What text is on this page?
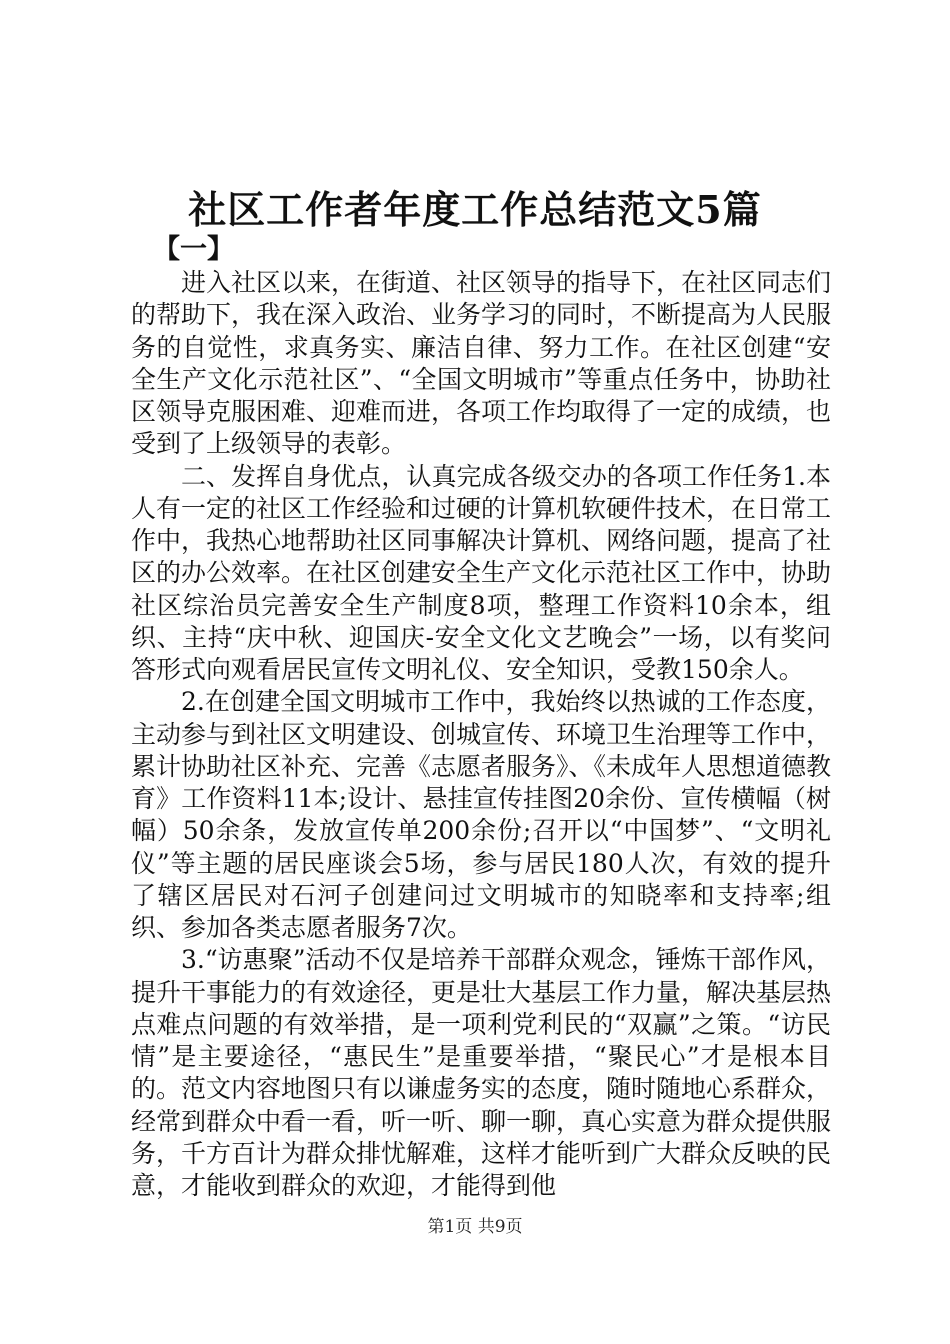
社区工作者年度工作总结范文5篇
【一】

进入社区以来，在街道、社区领导的指导下，在社区同志们的帮助下，我在深入政治、业务学习的同时，不断提高为人民服务的自觉性，求真务实、廉洁自律、努力工作。在社区创建“安全生产文化示范社区”、“全国文明城市”等重点任务中，协助社区领导克服困难、迎难而进，各项工作均取得了一定的成绩，也受到了上级领导的表彰。

二、发挥自身优点，认真完成各级交办的各项工作任务1.本人有一定的社区工作经验和过硬的计算机软硬件技术，在日常工作中，我热心地帮助社区同事解决计算机、网络问题，提高了社区的办公效率。在社区创建安全生产文化示范社区工作中，协助社区综治员完善安全生产制度8项，整理工作资料10余本，组织、主持“庆中秋、迎国庆-安全文化文艺晚会”一场，以有奖问答形式向观看居民宣传文明礼仪、安全知识，受教150余人。

2.在创建全国文明城市工作中，我始终以热诚的工作态度，主动参与到社区文明建设、创城宣传、环境卫生治理等工作中，累计协助社区补充、完善《志愿者服务》、《未成年人思想道德教育》工作资料11本;设计、悬挂宣传挂图20余份、宣传横幅（树幅）50余条，发放宣传单200余份;召开以“中国梦”、“文明礼仪”等主题的居民座谈会5场，参与居民180人次，有效的提升了辖区居民对石河子创建问过文明城市的知晓率和支持率;组织、参加各类志愿者服务7次。

3.“访惠聚”活动不仅是培养干部群众观念，锤炼干部作风，提升干事能力的有效途径，更是壮大基层工作力量，解决基层热点难点问题的有效举措，是一项利党利民的“双赢”之策。“访民情”是主要途径，“惠民生”是重要举措，“聚民心”才是根本目的。范文内容地图只有以谦虚务实的态度，随时随地心系群众，经常到群众中看一看，听一听、聊一聊，真心实意为群众提供服务，千方百计为群众排忧解难，这样才能听到广大群众反映的民意，才能收到群众的欢迎，才能得到他

第1页 共9页
